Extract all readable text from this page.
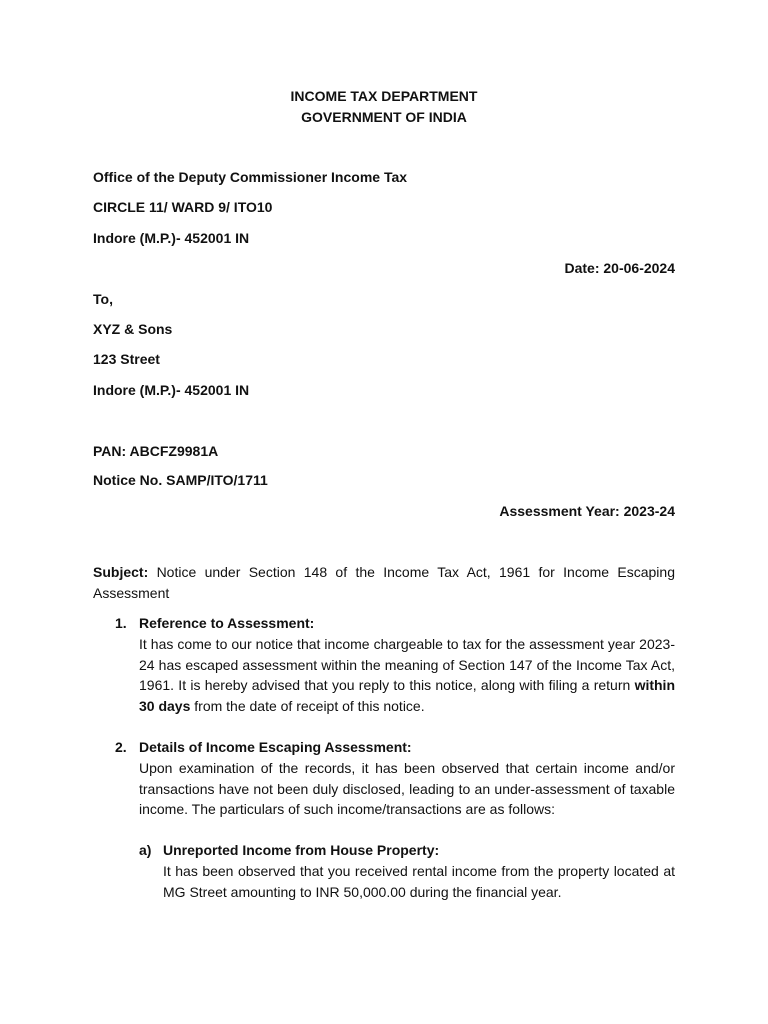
INCOME TAX DEPARTMENT
GOVERNMENT OF INDIA
Office of the Deputy Commissioner Income Tax
CIRCLE 11/ WARD 9/ ITO10
Indore (M.P.)- 452001 IN
Date: 20-06-2024
To,
XYZ & Sons
123 Street
Indore (M.P.)- 452001 IN
PAN: ABCFZ9981A
Notice No. SAMP/ITO/1711
Assessment Year: 2023-24
Subject: Notice under Section 148 of the Income Tax Act, 1961 for Income Escaping Assessment
1. Reference to Assessment:
It has come to our notice that income chargeable to tax for the assessment year 2023-24 has escaped assessment within the meaning of Section 147 of the Income Tax Act, 1961. It is hereby advised that you reply to this notice, along with filing a return within 30 days from the date of receipt of this notice.
2. Details of Income Escaping Assessment:
Upon examination of the records, it has been observed that certain income and/or transactions have not been duly disclosed, leading to an under-assessment of taxable income. The particulars of such income/transactions are as follows:
a) Unreported Income from House Property:
It has been observed that you received rental income from the property located at MG Street amounting to INR 50,000.00 during the financial year.
